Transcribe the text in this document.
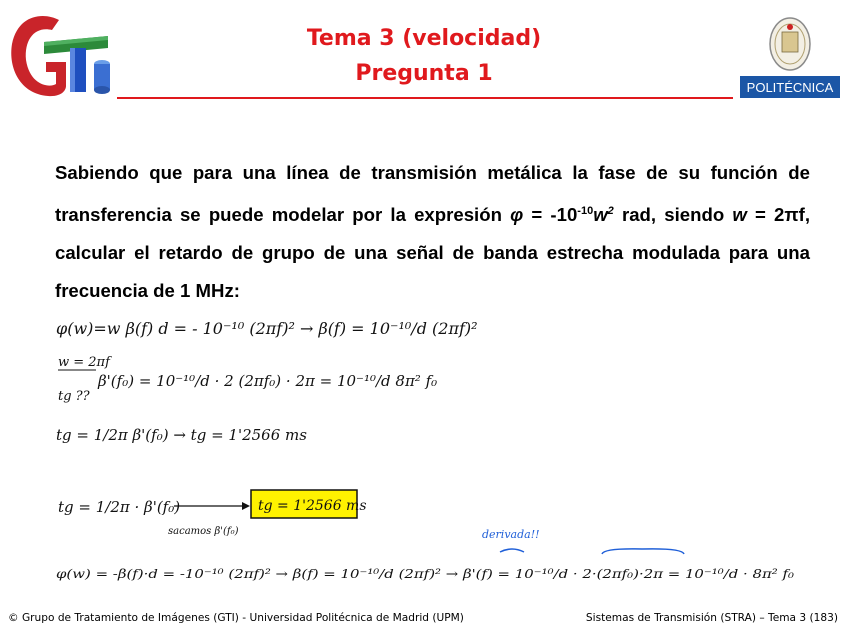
Tema 3 (velocidad)
Pregunta 1
POLITÉCNICA

Sabiendo que para una línea de transmisión metálica la fase de su función de transferencia se puede modelar por la expresión $\varphi = -10^{-10}w^2$ rad, siendo w = 2πf, calcular el retardo de grupo de una señal de banda estrecha modulada para una frecuencia de 1 MHz:

φ(w)=w β(f) d = - 10⁻¹⁰ (2πf)² → β(f) = 10⁻¹⁰/d (2πf)²
w = 2πf
β'(f₀) = 10⁻¹⁰/d · 2 (2πf₀) · 2π = 10⁻¹⁰/d 8π² f₀
tg ??
tg = 1/2π β'(f₀) → tg = 1'2566 ms
tg = 1/2π · β'(f₀)	tg = 1'2566 ms
sacamos β'(f₀)	derivada!!
φ(w) = -β(f)·d = -10⁻¹⁰ (2πf)² → β(f) = 10⁻¹⁰/d (2πf)² → β'(f) = 10⁻¹⁰/d · 2·(2πf₀)·2π = 10⁻¹⁰/d · 8π² f₀
© Grupo de Tratamiento de Imágenes (GTI) - Universidad Politécnica de Madrid (UPM)	Sistemas de Transmisión (STRA) – Tema 3 (183)
